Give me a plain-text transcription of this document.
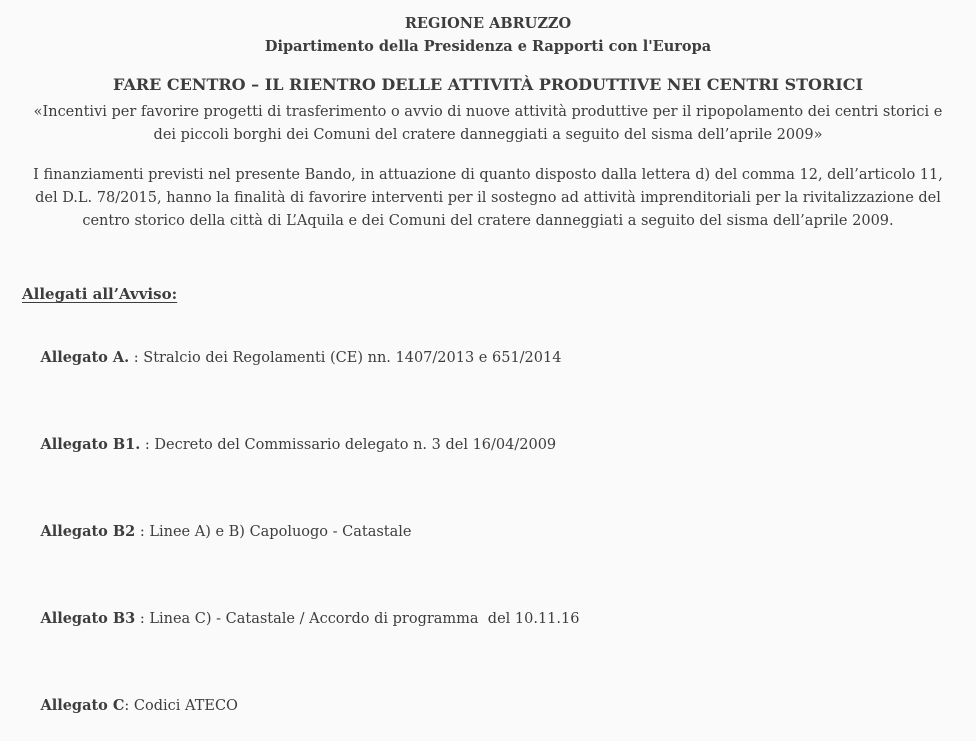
REGIONE ABRUZZO

Dipartimento della Presidenza e Rapporti con l'Europa

FARE CENTRO – IL RIENTRO DELLE ATTIVITÀ PRODUTTIVE NEI CENTRI STORICI

«Incentivi per favorire progetti di trasferimento o avvio di nuove attività produttive per il ripopolamento dei centri storici e dei piccoli borghi dei Comuni del cratere danneggiati a seguito del sisma dell’aprile 2009»

I finanziamenti previsti nel presente Bando, in attuazione di quanto disposto dalla lettera d) del comma 12, dell’articolo 11, del D.L. 78/2015, hanno la finalità di favorire interventi per il sostegno ad attività imprenditoriali per la rivitalizzazione del centro storico della città di L’Aquila e dei Comuni del cratere danneggiati a seguito del sisma dell’aprile 2009.

Allegati all’Avviso:

Allegato A. : Stralcio dei Regolamenti (CE) nn. 1407/2013 e 651/2014

Allegato B1. : Decreto del Commissario delegato n. 3 del 16/04/2009

Allegato B2 : Linee A) e B) Capoluogo - Catastale

Allegato B3 : Linea C) - Catastale / Accordo di programma  del 10.11.16

Allegato C: Codici ATECO
